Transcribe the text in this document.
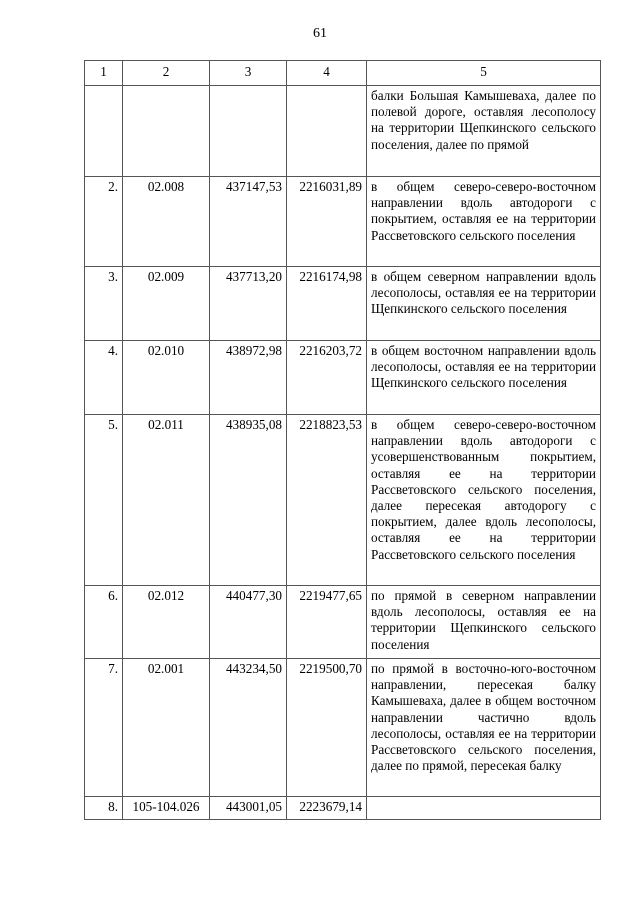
61
1	2	3	4	5
				балки Большая Камышеваха, далее по полевой дороге, оставляя лесополосу на территории Щепкинского сельского поселения, далее по прямой
2.	02.008	437147,53	2216031,89	в общем северо-северо-восточном направлении вдоль автодороги с покрытием, оставляя ее на территории Рассветовского сельского поселения
3.	02.009	437713,20	2216174,98	в общем северном направлении вдоль лесополосы, оставляя ее на территории Щепкинского сельского поселения
4.	02.010	438972,98	2216203,72	в общем восточном направлении вдоль лесополосы, оставляя ее на территории Щепкинского сельского поселения
5.	02.011	438935,08	2218823,53	в общем северо-северо-восточном направлении вдоль автодороги с усовершенствованным покрытием, оставляя ее на территории Рассветовского сельского поселения, далее пересекая автодорогу с покрытием, далее вдоль лесополосы, оставляя ее на территории Рассветовского сельского поселения
6.	02.012	440477,30	2219477,65	по прямой в северном направлении вдоль лесополосы, оставляя ее на территории Щепкинского сельского поселения
7.	02.001	443234,50	2219500,70	по прямой в восточно-юго-восточном направлении, пересекая балку Камышеваха, далее в общем восточном направлении частично вдоль лесополосы, оставляя ее на территории Рассветовского сельского поселения, далее по прямой, пересекая балку
8.	105-104.026	443001,05	2223679,14	
